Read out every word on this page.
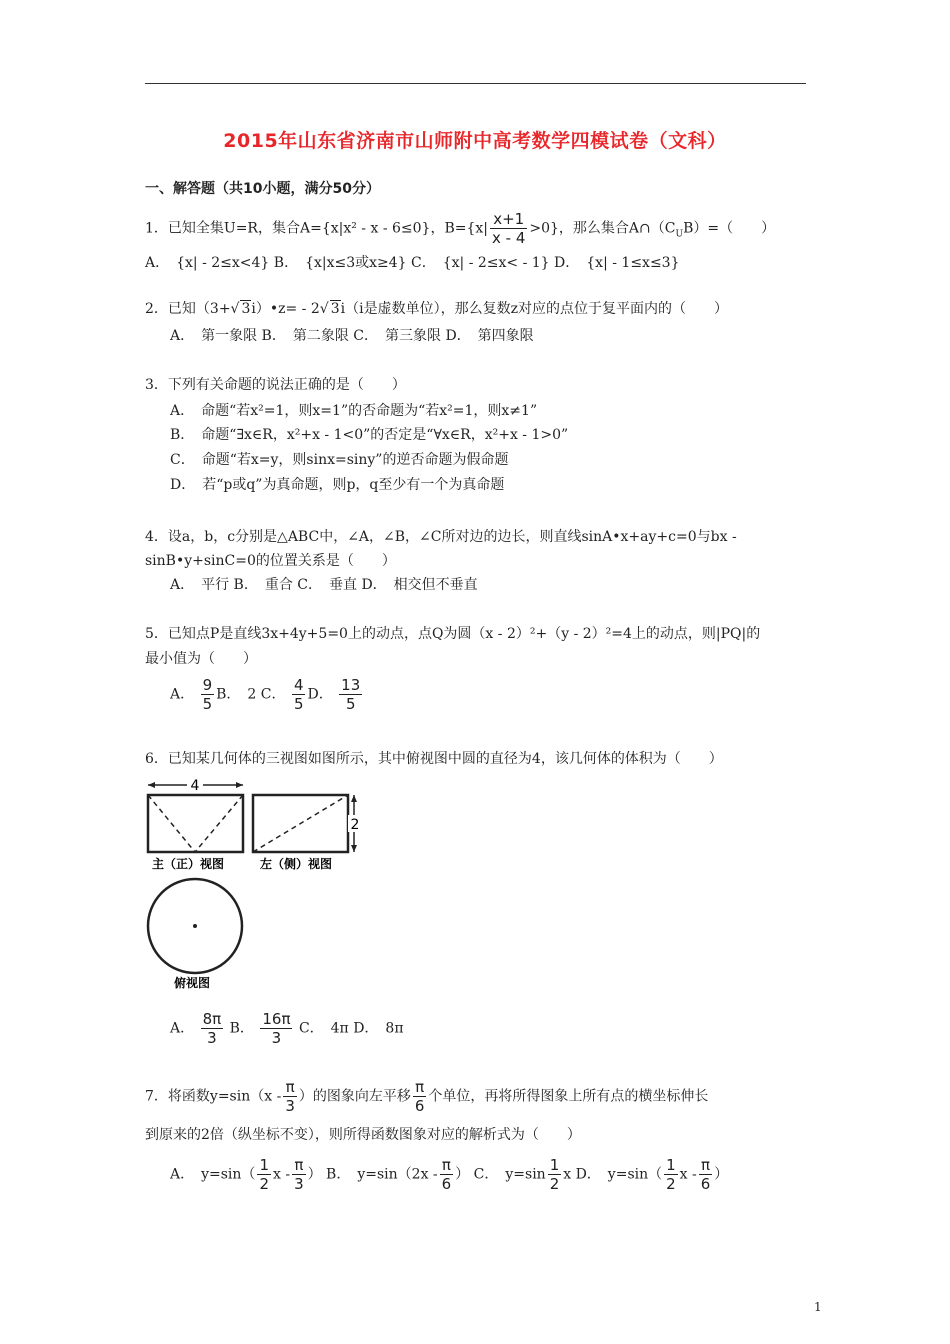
2015年山东省济南市山师附中高考数学四模试卷（文科）
一、解答题（共10小题，满分50分）
1．已知全集U=R，集合A={x|x² - x - 6≤0}，$B=\{x| \frac{x+1}{x - 4} >0\}$，那么集合$A\cap(C_UB)=$（　　）
A．　{x| - 2≤x<4} B．　{x|x≤3或x≥4} C．　{x| - 2≤x< - 1} D．　{x| - 1≤x≤3}
2．已知（3+√ 3i）•z= - 2√ 3i（i是虚数单位），那么复数z对应的点位于复平面内的（　　）
A．　第一象限 B．　第二象限 C．　第三象限 D．　第四象限
3．下列有关命题的说法正确的是（　　）
A．　命题“若x²=1，则x=1”的否命题为“若x²=1，则x≠1”
B．　命题“∃x∈R，x²+x - 1<0”的否定是“∀x∈R，x²+x - 1>0”
C．　命题“若x=y，则sinx=siny”的逆否命题为假命题
D．　若“p或q”为真命题，则p，q至少有一个为真命题
4．设a，b，c分别是△ABC中，∠A，∠B，∠C所对边的边长，则直线sinA•x+ay+c=0与bx -
sinB•y+sinC=0的位置关系是（　　）
A．　平行 B．　重合 C．　垂直 D．　相交但不垂直
5．已知点P是直线3x+4y+5=0上的动点，点Q为圆（x - 2）²+（y - 2）²=4上的动点，则|PQ|的
最小值为（　　）
A． $\frac{9}{5}$ B．　2 C． $\frac{4}{5}$ D． $\frac{13}{5}$
6．已知某几何体的三视图如图所示，其中俯视图中圆的直径为4，该几何体的体积为（　　）
4
主（正）视图	左（侧）视图
2
俯视图
A． $\frac{8\pi}{3}$ B． $\frac{16\pi}{3}$ C．　4π D．　8π
7．将函数$y=\sin(x - \frac{\pi}{3}$ ）的图象向左平移 $\frac{\pi}{6}$ 个单位，再将所得图象上所有点的横坐标伸长
到原来的2倍（纵坐标不变），则所得函数图象对应的解析式为（　　）
A．　$y=\sin( \frac{1}{2}$ x - $\frac{\pi}{3}$ ） B．　$y=\sin(2x - \frac{\pi}{6}$ ） C．　$y=\sin \frac{1}{2}$ x D．　$y=\sin( \frac{1}{2}$ x - $\frac{\pi}{6}$ ）
1
